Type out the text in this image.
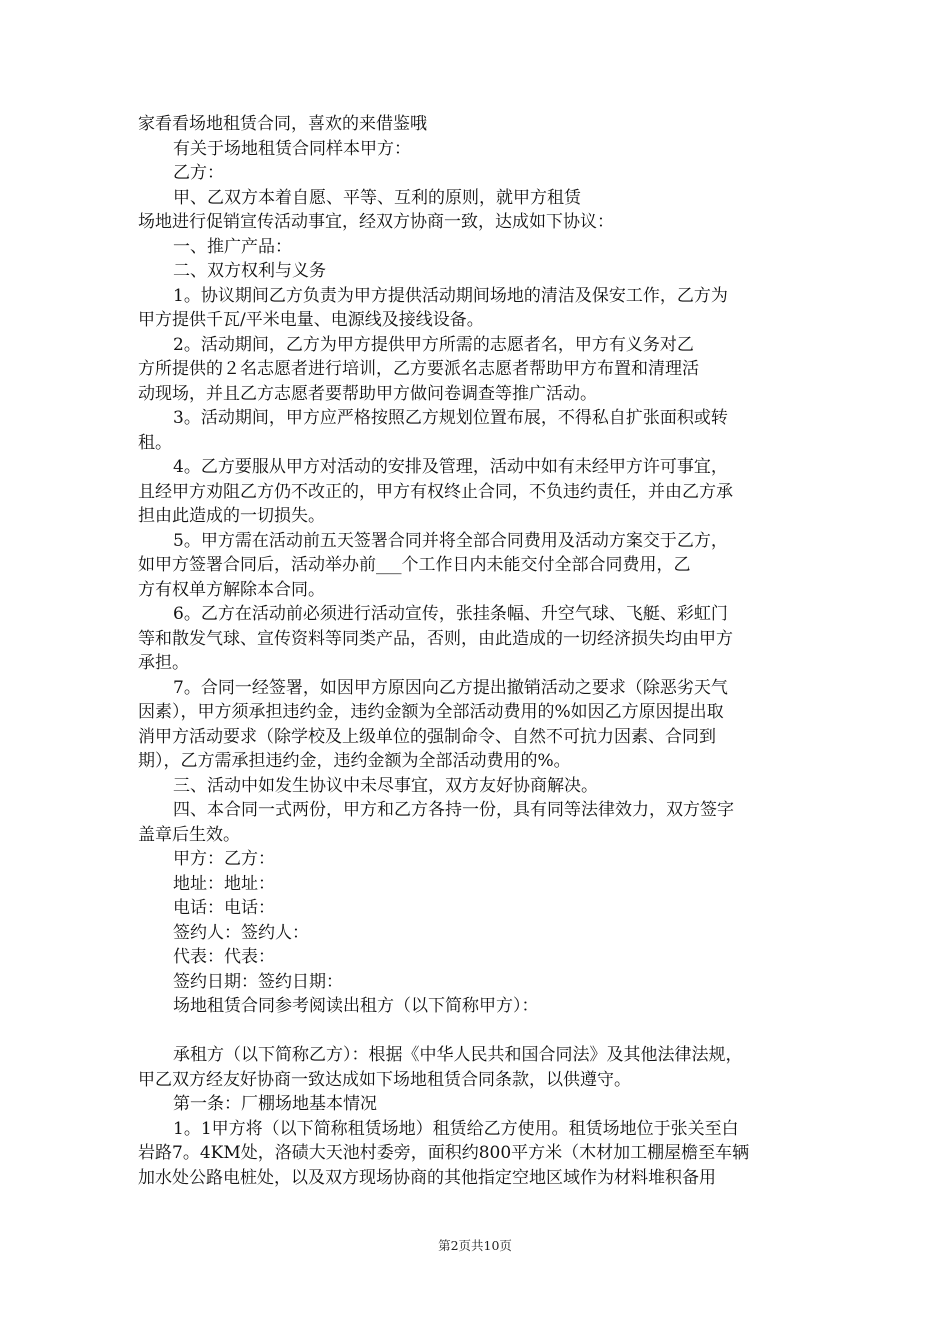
家看看场地租赁合同，喜欢的来借鉴哦
有关于场地租赁合同样本甲方：
乙方：
甲、乙双方本着自愿、平等、互利的原则，就甲方租赁
场地进行促销宣传活动事宜，经双方协商一致，达成如下协议：
一、推广产品：
二、双方权利与义务
1。协议期间乙方负责为甲方提供活动期间场地的清洁及保安工作，乙方为
甲方提供千瓦/平米电量、电源线及接线设备。
2。活动期间，乙方为甲方提供甲方所需的志愿者名，甲方有义务对乙
方所提供的２名志愿者进行培训，乙方要派名志愿者帮助甲方布置和清理活
动现场，并且乙方志愿者要帮助甲方做问卷调查等推广活动。
3。活动期间，甲方应严格按照乙方规划位置布展，不得私自扩张面积或转
租。
4。乙方要服从甲方对活动的安排及管理，活动中如有未经甲方许可事宜，
且经甲方劝阻乙方仍不改正的，甲方有权终止合同，不负违约责任，并由乙方承
担由此造成的一切损失。
5。甲方需在活动前五天签署合同并将全部合同费用及活动方案交于乙方，
如甲方签署合同后，活动举办前___个工作日内未能交付全部合同费用，乙
方有权单方解除本合同。
6。乙方在活动前必须进行活动宣传，张挂条幅、升空气球、飞艇、彩虹门
等和散发气球、宣传资料等同类产品，否则，由此造成的一切经济损失均由甲方
承担。
7。合同一经签署，如因甲方原因向乙方提出撤销活动之要求（除恶劣天气
因素），甲方须承担违约金，违约金额为全部活动费用的%如因乙方原因提出取
消甲方活动要求（除学校及上级单位的强制命令、自然不可抗力因素、合同到
期），乙方需承担违约金，违约金额为全部活动费用的%。
三、活动中如发生协议中未尽事宜，双方友好协商解决。
四、本合同一式两份，甲方和乙方各持一份，具有同等法律效力，双方签字
盖章后生效。
甲方：乙方：
地址：地址：
电话：电话：
签约人：签约人：
代表：代表：
签约日期：签约日期：
场地租赁合同参考阅读出租方（以下简称甲方）：
承租方（以下简称乙方）：根据《中华人民共和国合同法》及其他法律法规，
甲乙双方经友好协商一致达成如下场地租赁合同条款，以供遵守。
第一条：厂棚场地基本情况
1。1甲方将（以下简称租赁场地）租赁给乙方使用。租赁场地位于张关至白
岩路7。4KM处，洛碛大天池村委旁，面积约800平方米（木材加工棚屋檐至车辆
加水处公路电桩处，以及双方现场协商的其他指定空地区域作为材料堆积备用
第2页共10页
